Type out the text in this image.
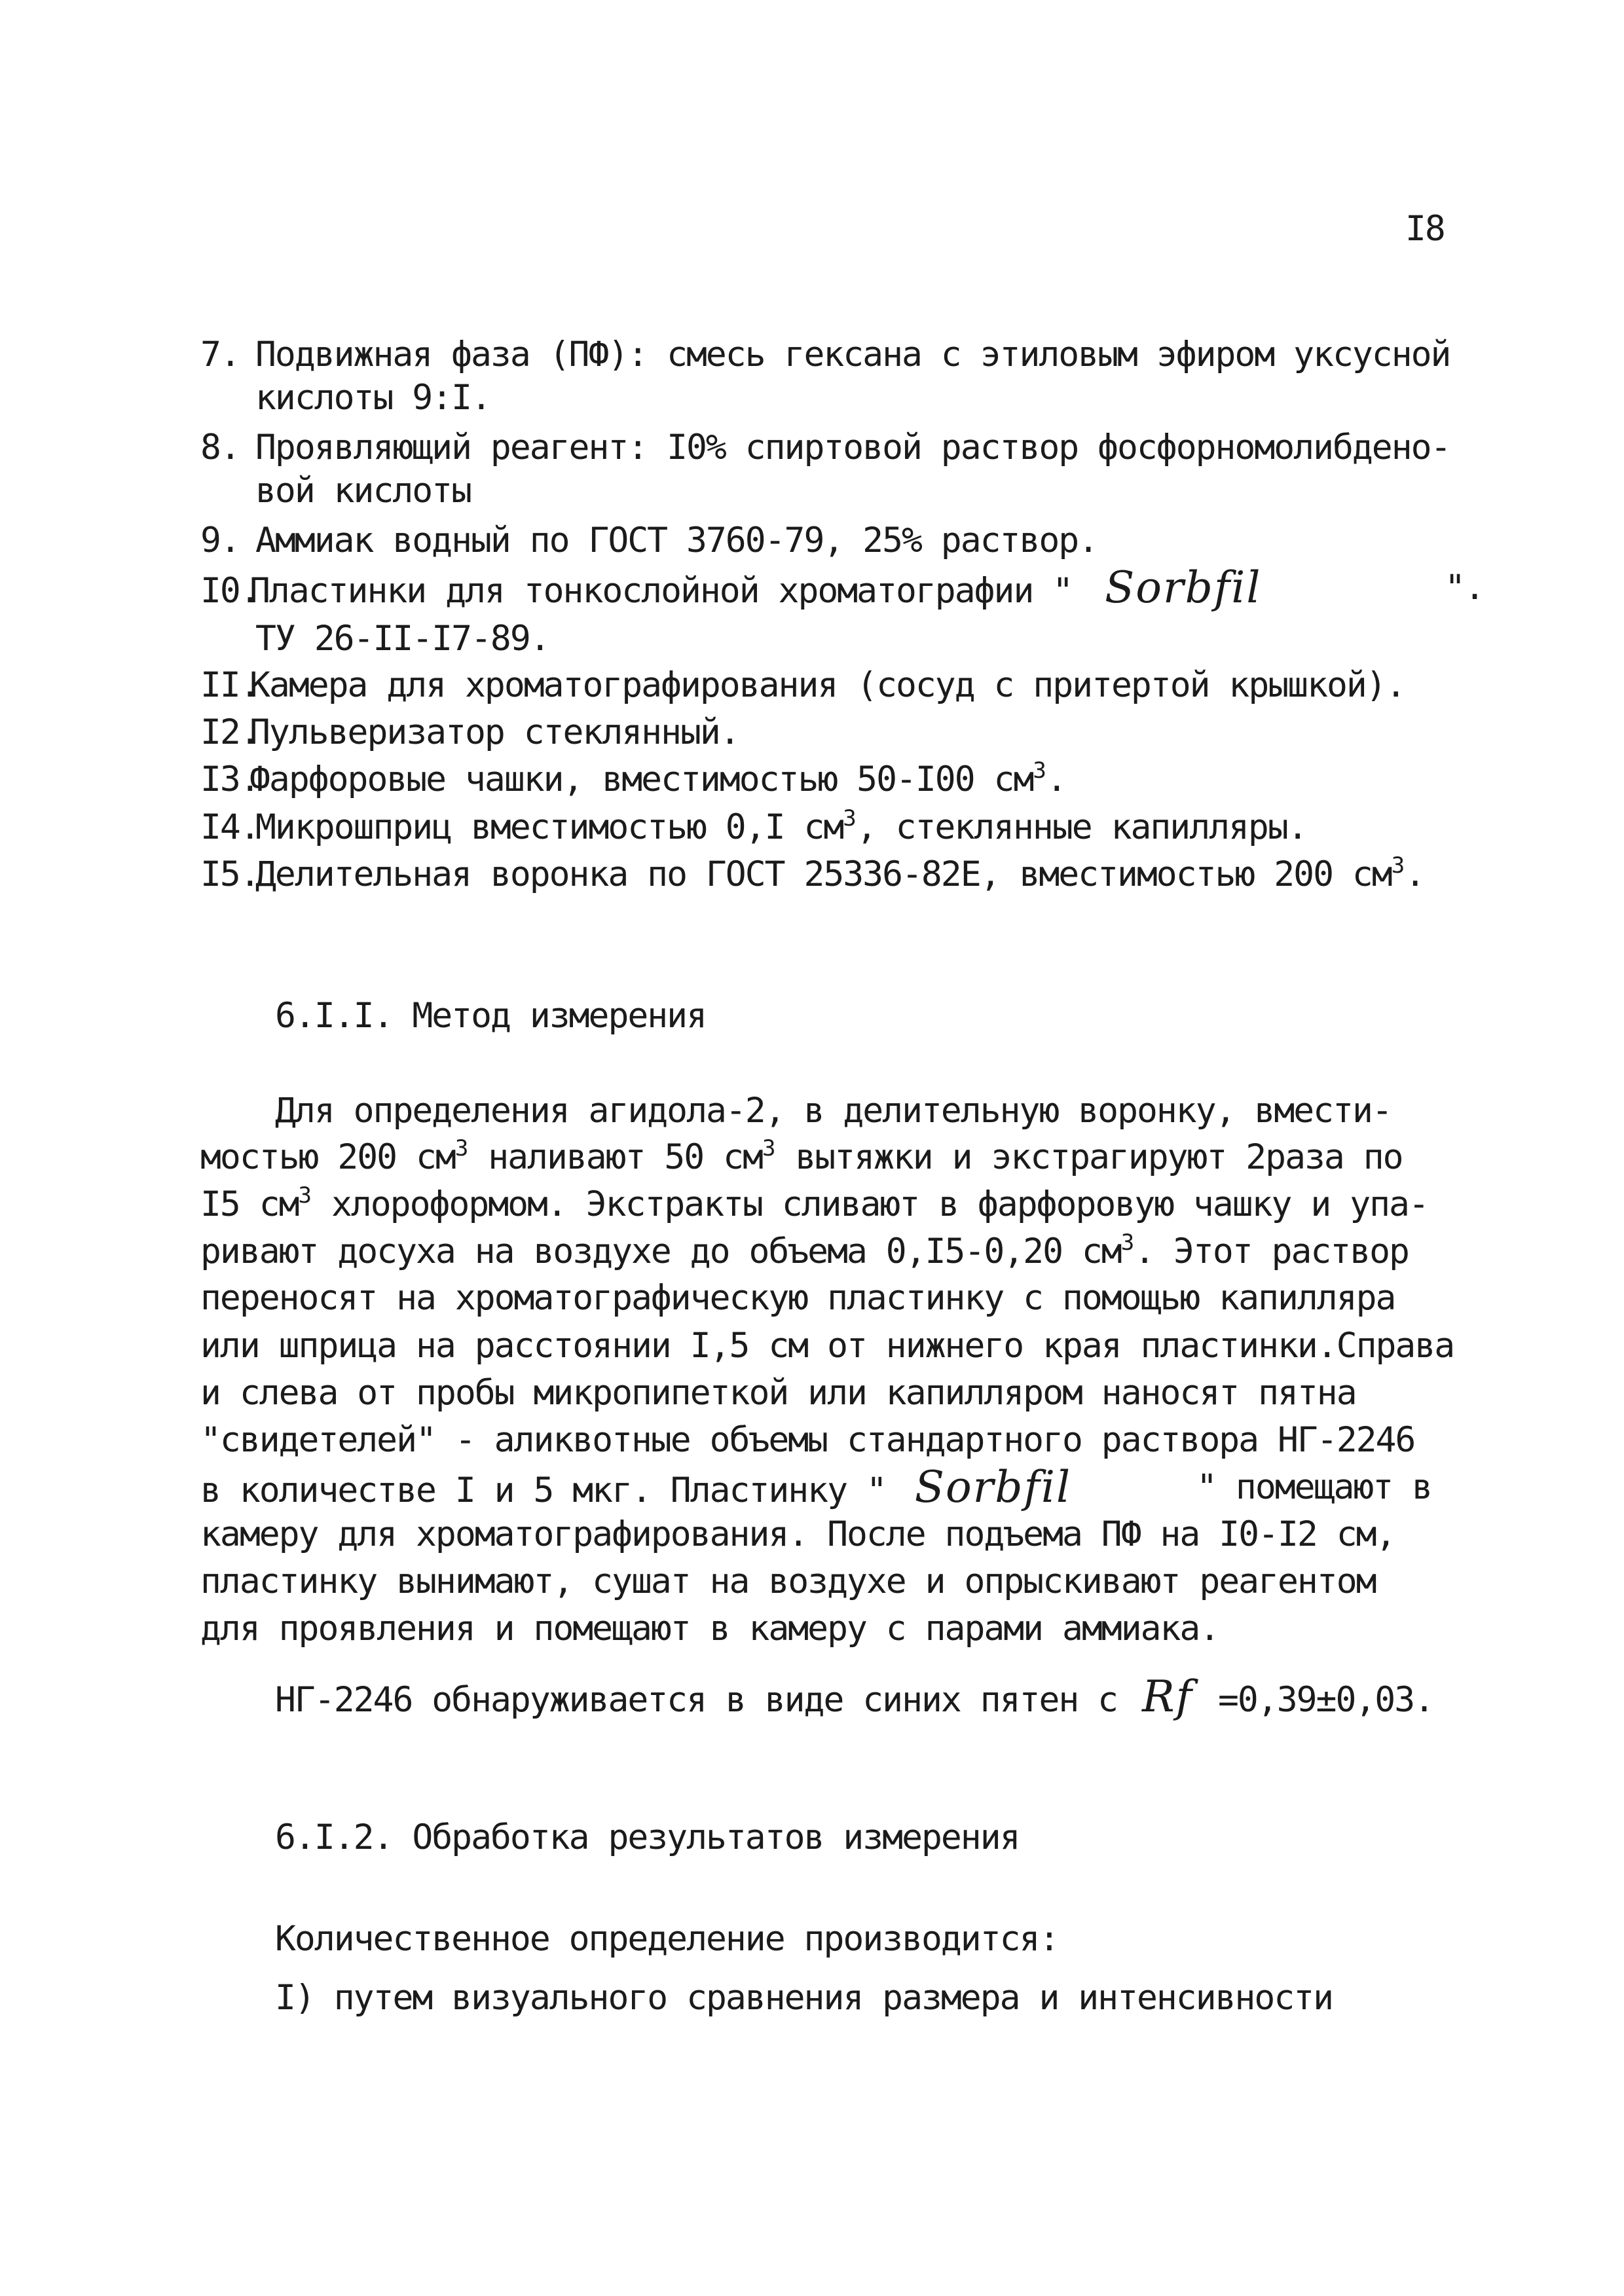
I8
7. Подвижная фаза (ПФ): смесь гексана с этиловым эфиром уксусной
кислоты 9:I.
8. Проявляющий реагент: I0% спиртовой раствор фосфорномолибдено-
вой кислоты
9. Аммиак водный по ГОСТ 3760-79, 25% раствор.
I0.Пластинки для тонкослойной хроматографии " Sorbfil	".
ТУ 26-II-I7-89.
II.Камера для хроматографирования (сосуд с притертой крышкой).
I2.Пульверизатор стеклянный.
I3.Фарфоровые чашки, вместимостью 50-I00 $см^3$.
I4.Микрошприц вместимостью 0,I $см^3$, стеклянные капилляры.
I5.Делительная воронка по ГОСТ 25336-82Е, вместимостью 200 $см^3$.
6.I.I. Метод измерения
Для определения агидола-2, в делительную воронку, вмести-
мостью 200 $см^3$ наливают 50 $см^3$ вытяжки и экстрагируют 2раза по
I5 $см^3$ хлороформом. Экстракты сливают в фарфоровую чашку и упа-
ривают досуха на воздухе до объема 0,I5-0,20 $см^3$. Этот раствор
переносят на хроматографическую пластинку с помощью капилляра
или шприца на расстоянии I,5 см от нижнего края пластинки.Справа
и слева от пробы микропипеткой или капилляром наносят пятна
"свидетелей" - аликвотные объемы стандартного раствора НГ-2246
в количестве I и 5 мкг. Пластинку " Sorbfil	" помещают в
камеру для хроматографирования. После подъема ПФ на I0-I2 см,
пластинку вынимают, сушат на воздухе и опрыскивают реагентом
для проявления и помещают в камеру с парами аммиака.
НГ-2246 обнаруживается в виде синих пятен с Rf =0,39±0,03.
6.I.2. Обработка результатов измерения
Количественное определение производится:
I) путем визуального сравнения размера и интенсивности
